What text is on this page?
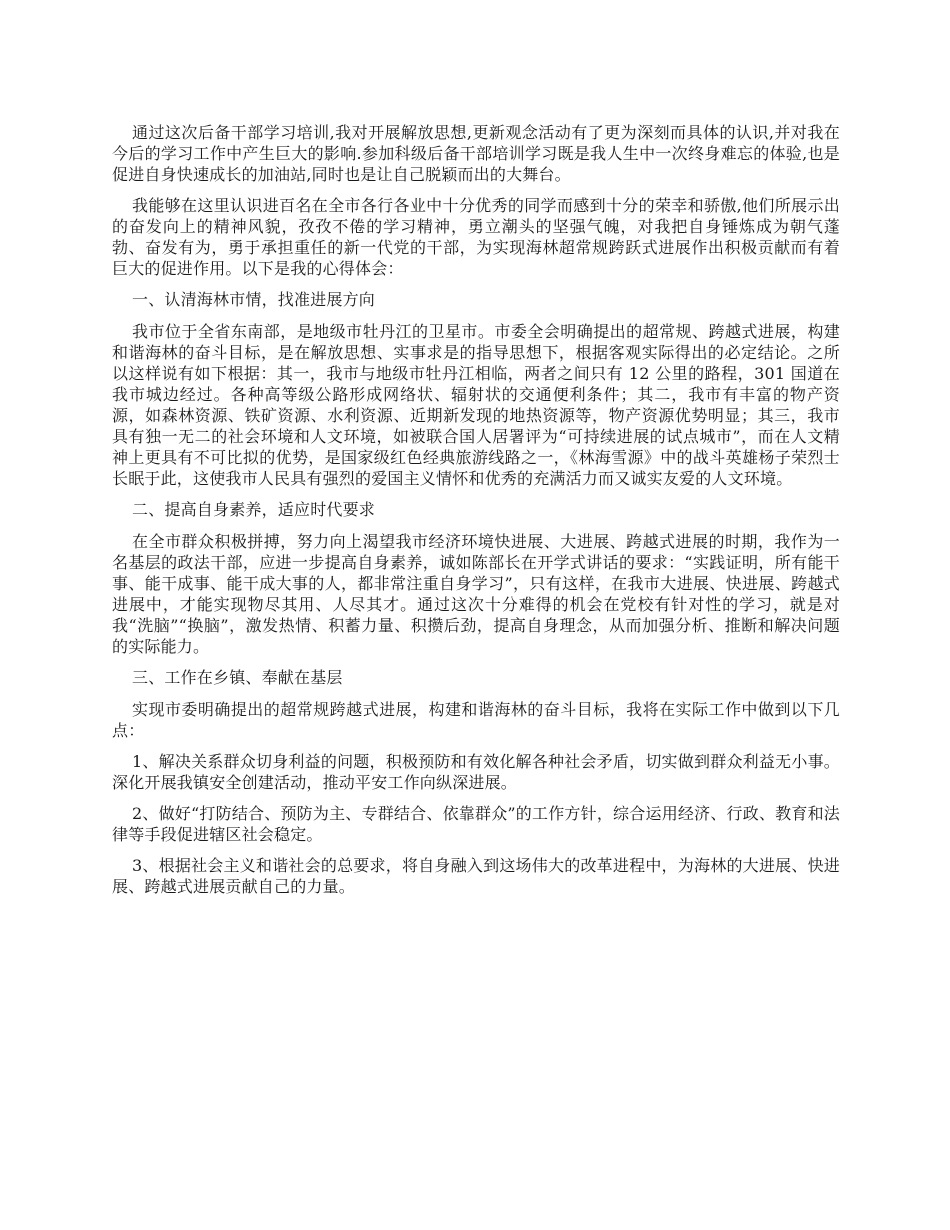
通过这次后备干部学习培训,我对开展解放思想,更新观念活动有了更为深刻而具体的认识,并对我在今后的学习工作中产生巨大的影响.参加科级后备干部培训学习既是我人生中一次终身难忘的体验,也是促进自身快速成长的加油站,同时也是让自己脱颖而出的大舞台。

我能够在这里认识进百名在全市各行各业中十分优秀的同学而感到十分的荣幸和骄傲,他们所展示出的奋发向上的精神风貌，孜孜不倦的学习精神，勇立潮头的坚强气魄，对我把自身锤炼成为朝气蓬勃、奋发有为，勇于承担重任的新一代党的干部，为实现海林超常规跨跃式进展作出积极贡献而有着巨大的促进作用。以下是我的心得体会：

一、认清海林市情，找准进展方向

我市位于全省东南部，是地级市牡丹江的卫星市。市委全会明确提出的超常规、跨越式进展，构建和谐海林的奋斗目标，是在解放思想、实事求是的指导思想下，根据客观实际得出的必定结论。之所以这样说有如下根据：其一，我市与地级市牡丹江相临，两者之间只有 12 公里的路程，301 国道在我市城边经过。各种高等级公路形成网络状、辐射状的交通便利条件；其二，我市有丰富的物产资源，如森林资源、铁矿资源、水利资源、近期新发现的地热资源等，物产资源优势明显；其三，我市具有独一无二的社会环境和人文环境，如被联合国人居署评为“可持续进展的试点城市”，而在人文精神上更具有不可比拟的优势，是国家级红色经典旅游线路之一，《林海雪源》中的战斗英雄杨子荣烈士长眠于此，这使我市人民具有强烈的爱国主义情怀和优秀的充满活力而又诚实友爱的人文环境。

二、提高自身素养，适应时代要求

在全市群众积极拼搏，努力向上渴望我市经济环境快进展、大进展、跨越式进展的时期，我作为一名基层的政法干部，应进一步提高自身素养，诚如陈部长在开学式讲话的要求：“实践证明，所有能干事、能干成事、能干成大事的人，都非常注重自身学习”，只有这样，在我市大进展、快进展、跨越式进展中，才能实现物尽其用、人尽其才。通过这次十分难得的机会在党校有针对性的学习，就是对我“洗脑”“换脑”，激发热情、积蓄力量、积攒后劲，提高自身理念，从而加强分析、推断和解决问题的实际能力。

三、工作在乡镇、奉献在基层

实现市委明确提出的超常规跨越式进展，构建和谐海林的奋斗目标，我将在实际工作中做到以下几点：

1、解决关系群众切身利益的问题，积极预防和有效化解各种社会矛盾，切实做到群众利益无小事。深化开展我镇安全创建活动，推动平安工作向纵深进展。

2、做好“打防结合、预防为主、专群结合、依靠群众”的工作方针，综合运用经济、行政、教育和法律等手段促进辖区社会稳定。

3、根据社会主义和谐社会的总要求，将自身融入到这场伟大的改革进程中，为海林的大进展、快进展、跨越式进展贡献自己的力量。
